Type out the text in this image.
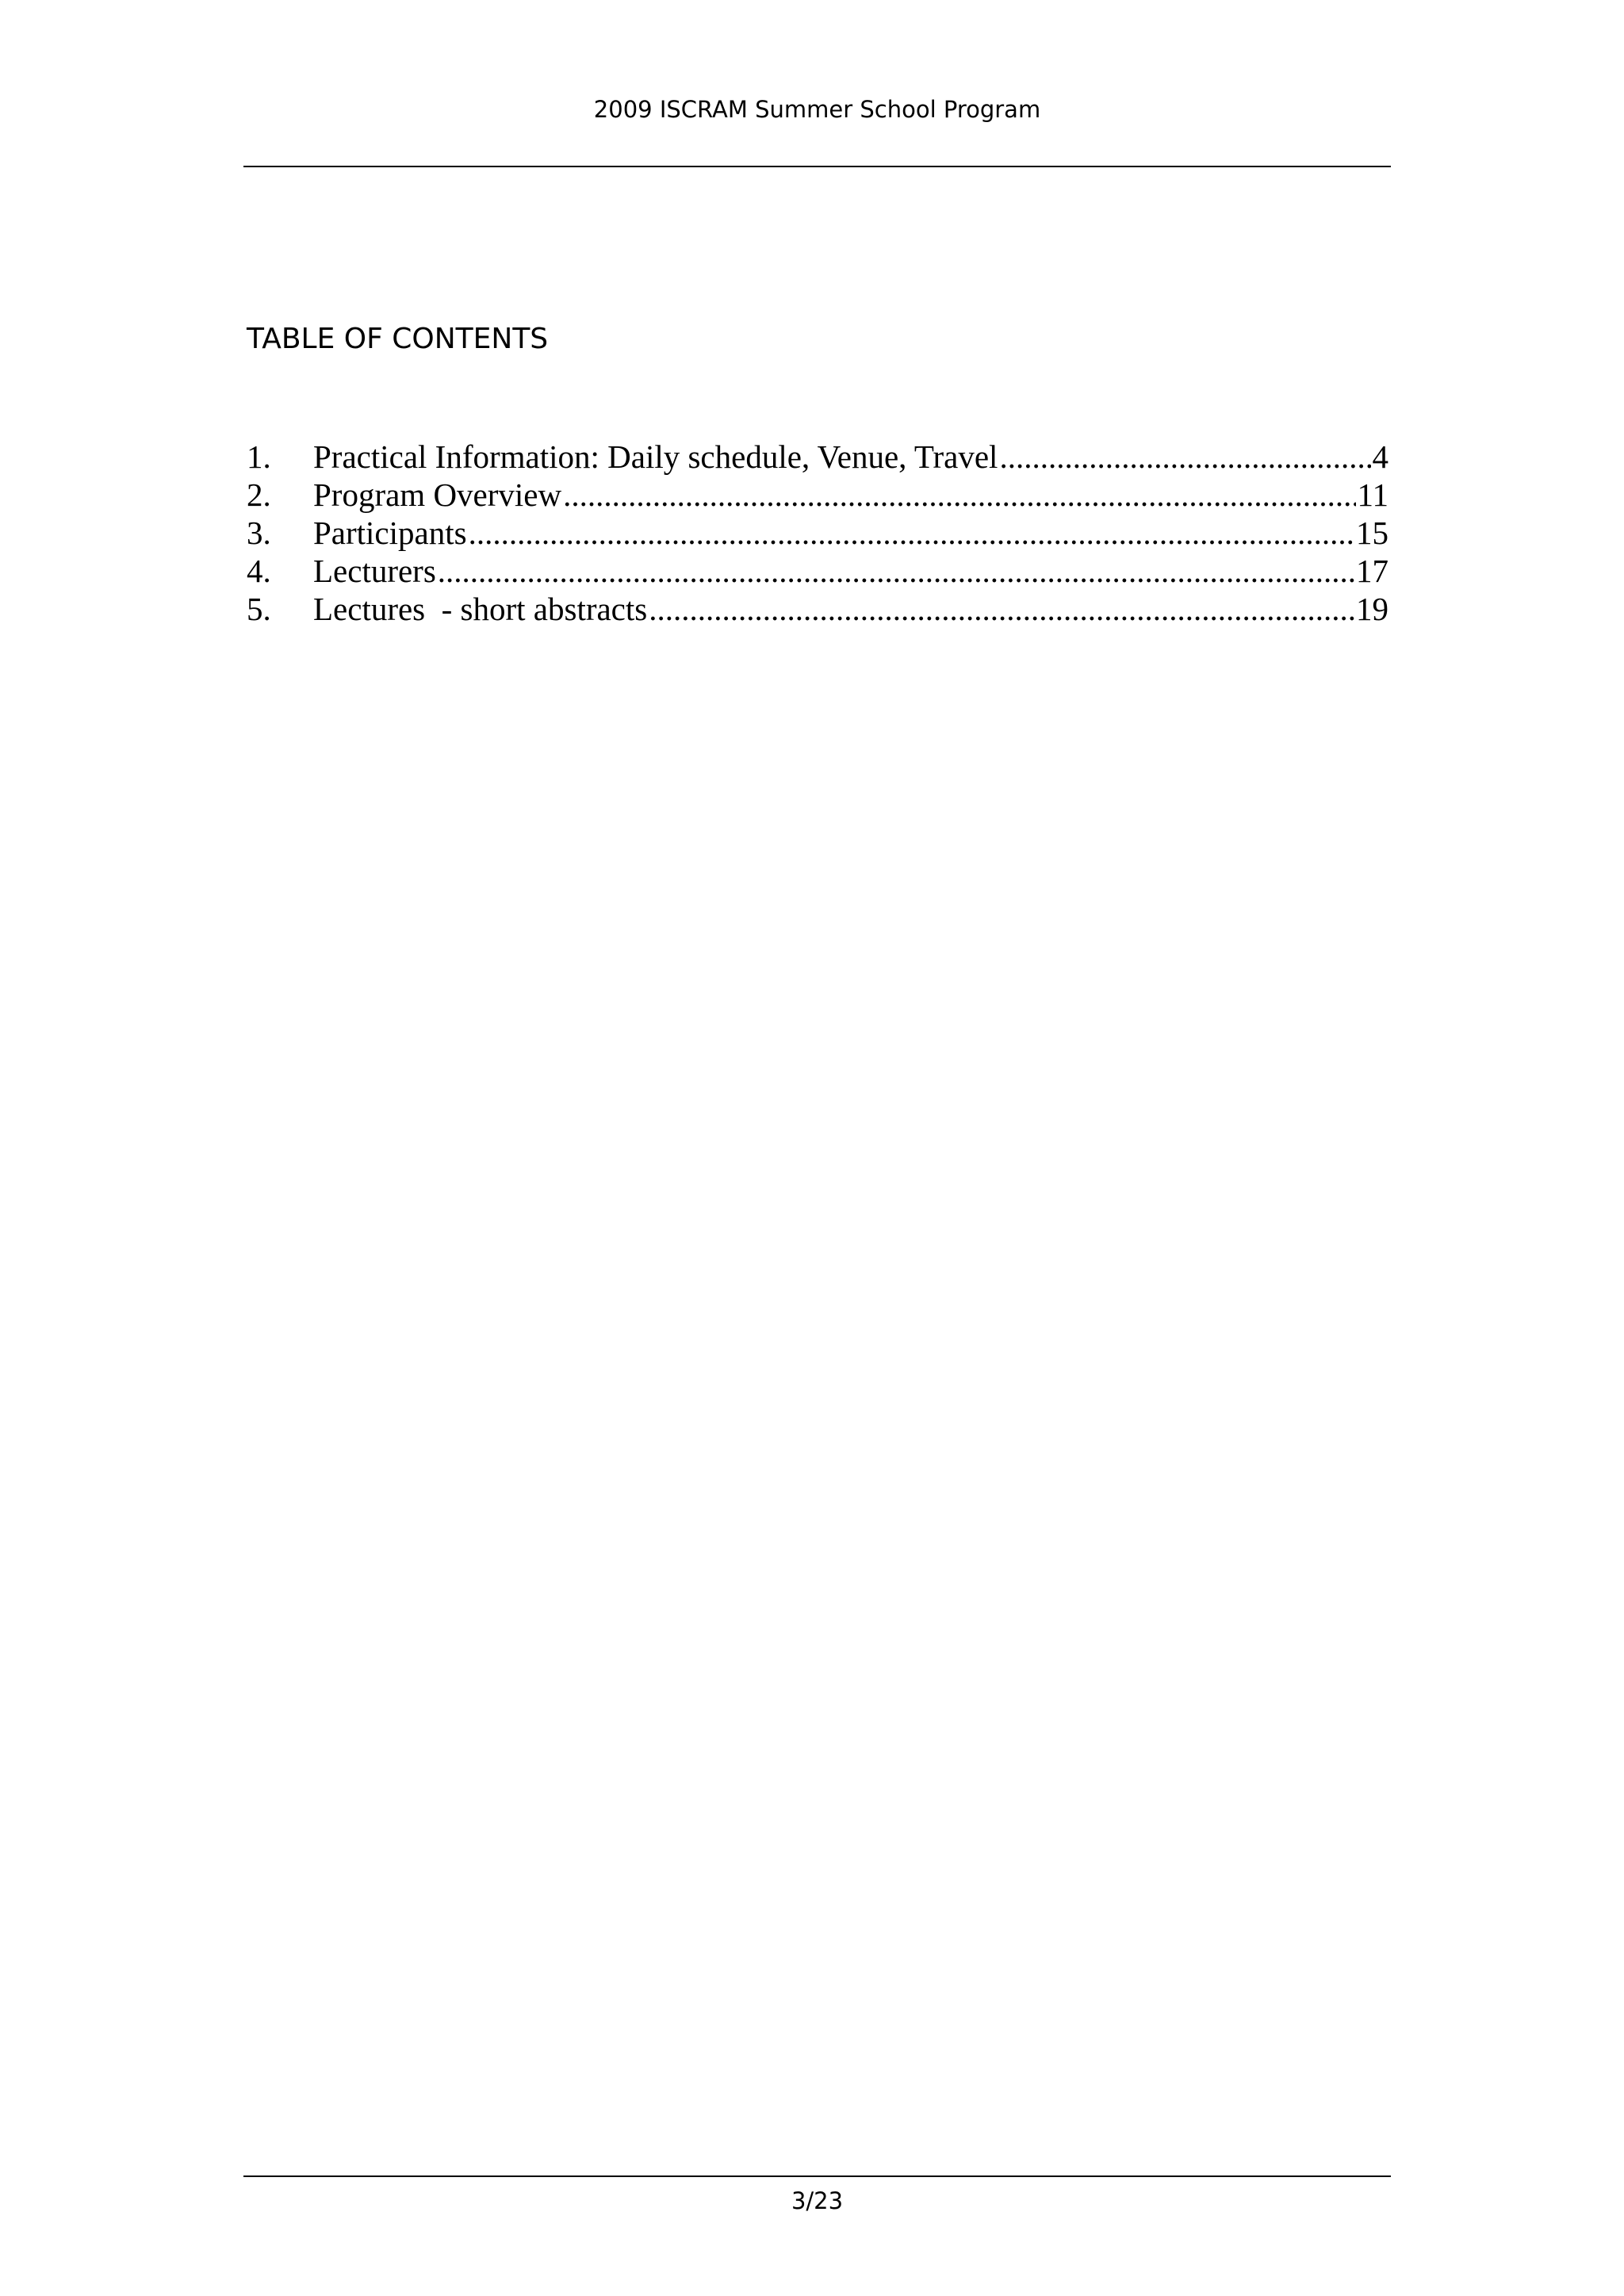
2009 ISCRAM Summer School Program
TABLE OF CONTENTS
1.	Practical Information: Daily schedule, Venue, Travel .....	4
2.	Program Overview .....	11
3.	Participants .....	15
4.	Lecturers .....	17
5.	Lectures  - short abstracts .....	19
3/23
